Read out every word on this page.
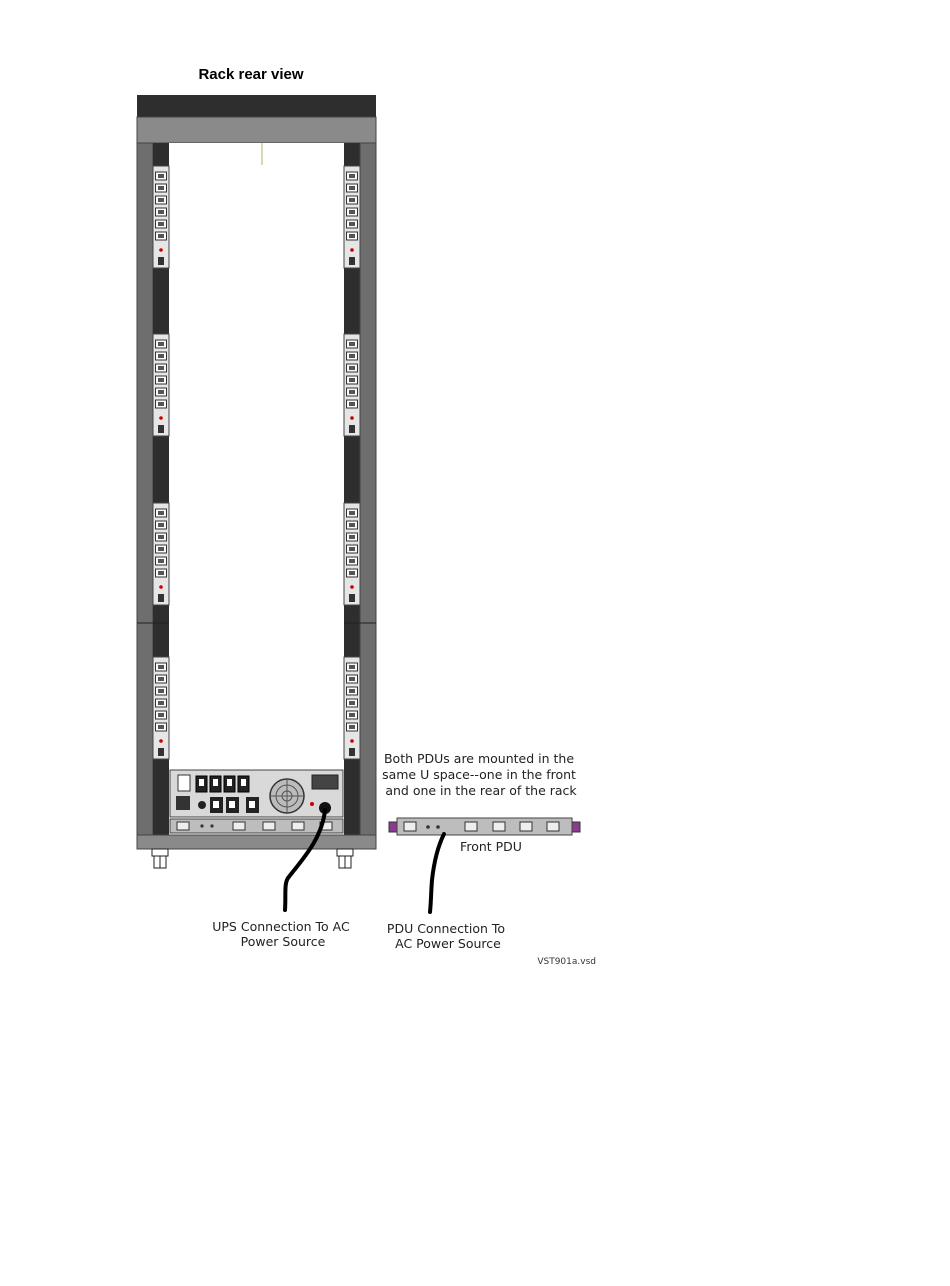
Rack rear view
Both PDUs are mounted in the same U space--one in the front and one in the rear of the rack
Front PDU
UPS Connection To AC Power Source
PDU Connection To AC Power Source
VST901a.vsd
